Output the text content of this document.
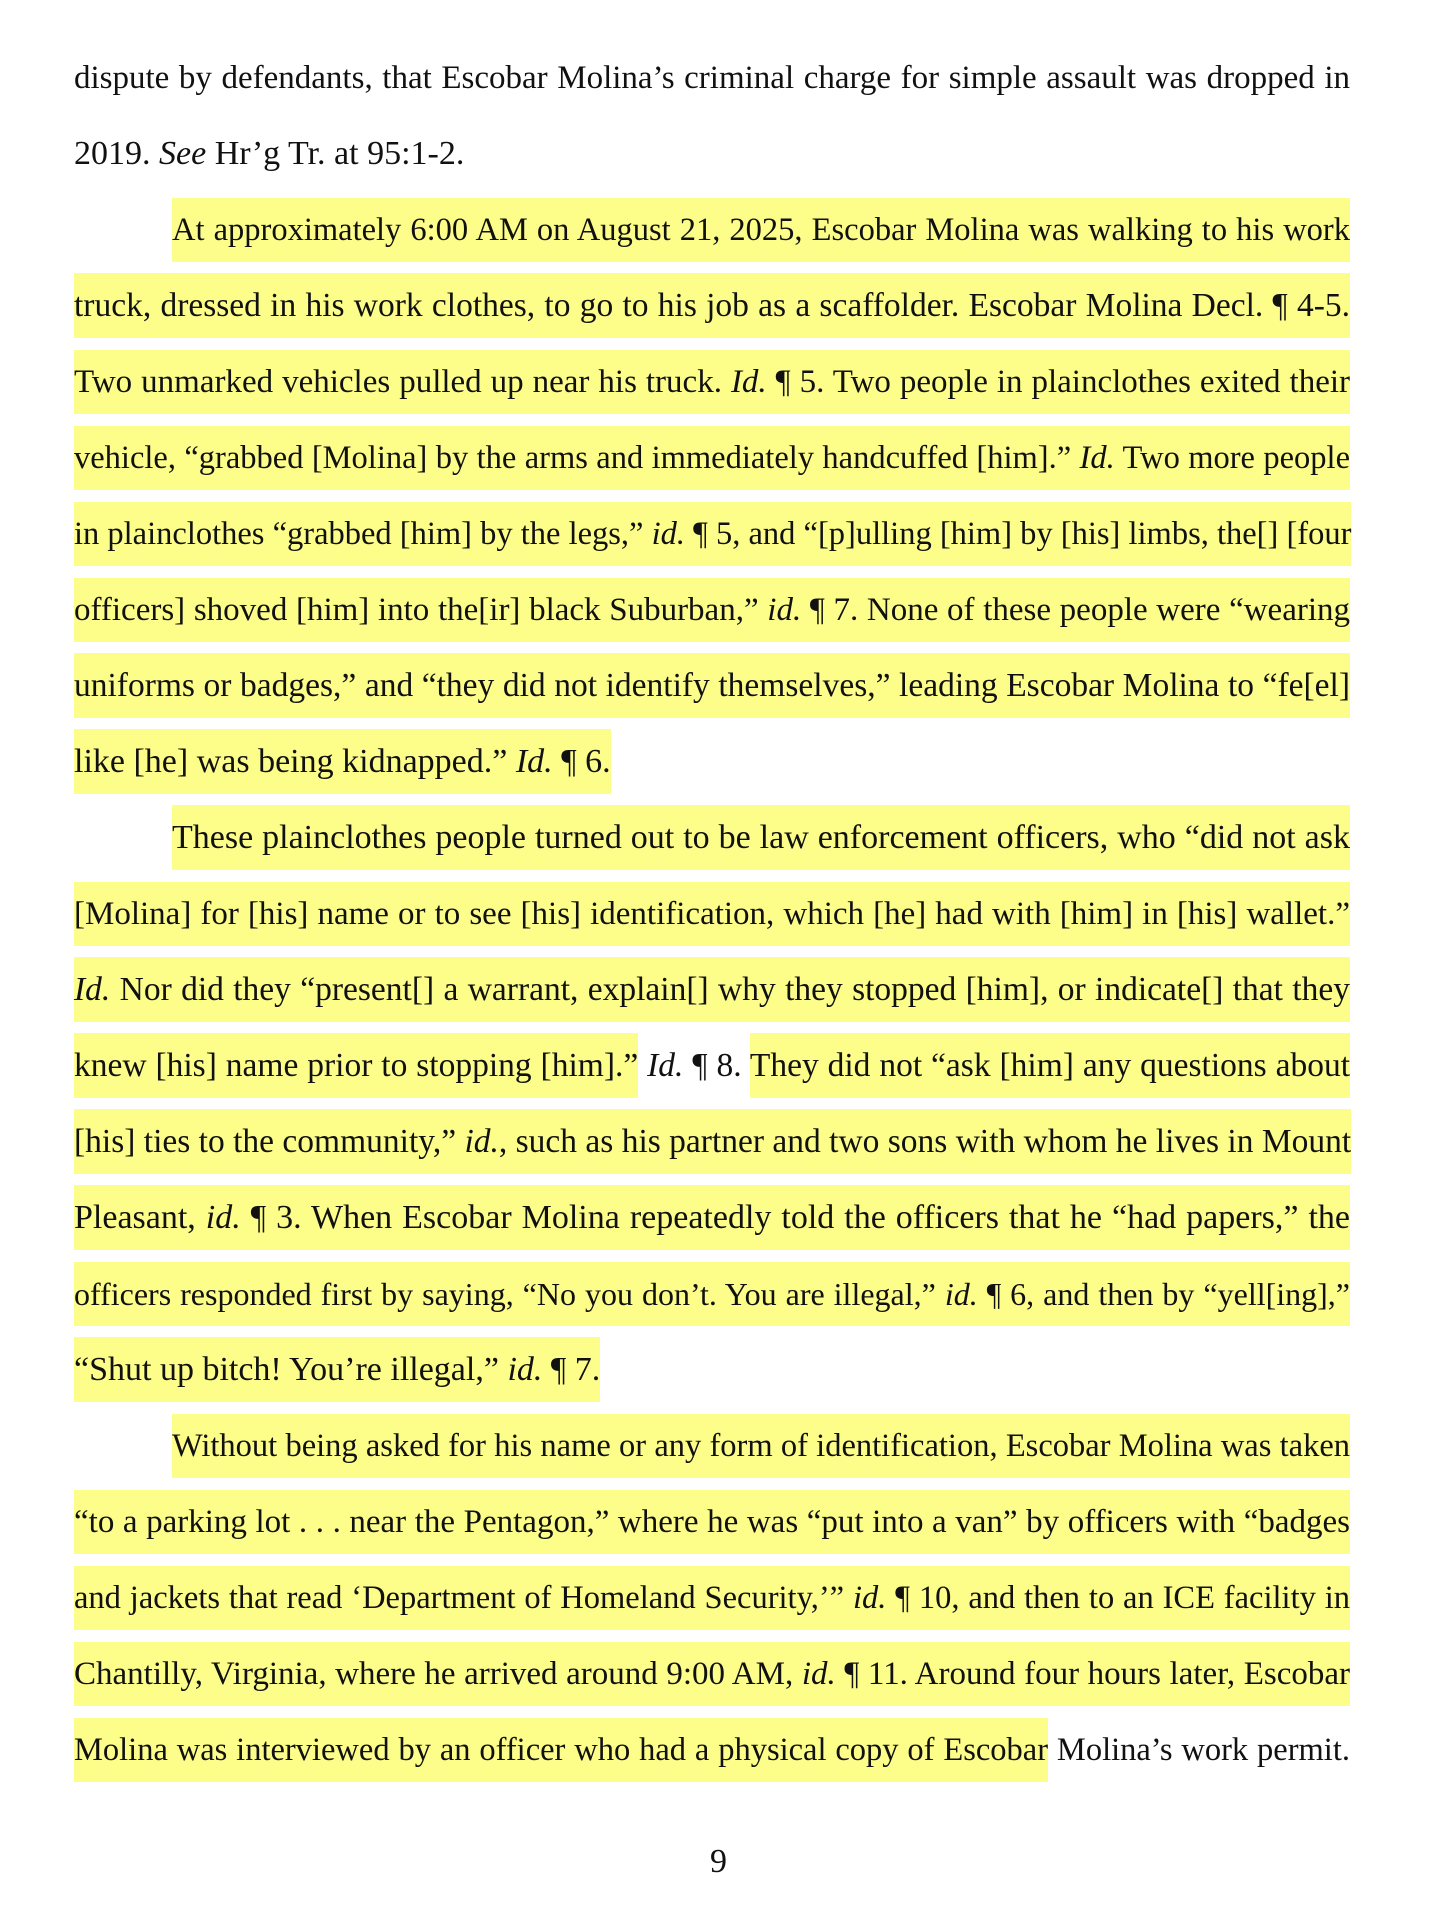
dispute by defendants, that Escobar Molina’s criminal charge for simple assault was dropped in
2019. See Hr’g Tr. at 95:1-2.
At approximately 6:00 AM on August 21, 2025, Escobar Molina was walking to his work
truck, dressed in his work clothes, to go to his job as a scaffolder. Escobar Molina Decl. ¶ 4-5.
Two unmarked vehicles pulled up near his truck. Id. ¶ 5. Two people in plainclothes exited their
vehicle, “grabbed [Molina] by the arms and immediately handcuffed [him].” Id. Two more people
in plainclothes “grabbed [him] by the legs,” id. ¶ 5, and “[p]ulling [him] by [his] limbs, the[] [four
officers] shoved [him] into the[ir] black Suburban,” id. ¶ 7. None of these people were “wearing
uniforms or badges,” and “they did not identify themselves,” leading Escobar Molina to “fe[el]
like [he] was being kidnapped.” Id. ¶ 6.
These plainclothes people turned out to be law enforcement officers, who “did not ask
[Molina] for [his] name or to see [his] identification, which [he] had with [him] in [his] wallet.”
Id. Nor did they “present[] a warrant, explain[] why they stopped [him], or indicate[] that they
knew [his] name prior to stopping [him].” Id. ¶ 8. They did not “ask [him] any questions about
[his] ties to the community,” id., such as his partner and two sons with whom he lives in Mount
Pleasant, id. ¶ 3. When Escobar Molina repeatedly told the officers that he “had papers,” the
officers responded first by saying, “No you don’t. You are illegal,” id. ¶ 6, and then by “yell[ing],”
“Shut up bitch! You’re illegal,” id. ¶ 7.
Without being asked for his name or any form of identification, Escobar Molina was taken
“to a parking lot . . . near the Pentagon,” where he was “put into a van” by officers with “badges
and jackets that read ‘Department of Homeland Security,’” id. ¶ 10, and then to an ICE facility in
Chantilly, Virginia, where he arrived around 9:00 AM, id. ¶ 11. Around four hours later, Escobar
Molina was interviewed by an officer who had a physical copy of Escobar Molina’s work permit.
9
